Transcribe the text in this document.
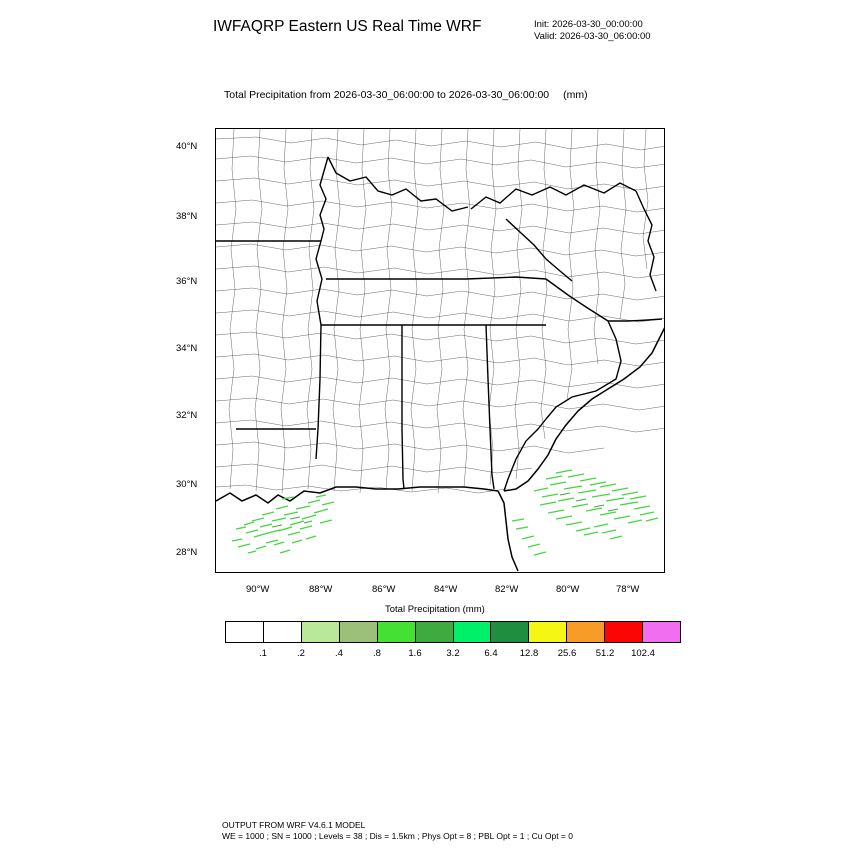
IWFAQRP Eastern US Real Time WRF	Init: 2026-03-30_00:00:00
Valid: 2026-03-30_06:00:00
Total Precipitation from 2026-03-30_06:00:00 to 2026-03-30_06:00:00 (mm)
40°N
38°N
36°N
34°N
32°N
30°N
28°N
90°W	88°W	86°W	84°W	82°W	80°W	78°W
Total Precipitation (mm)
.1	.2	.4	.8	1.6	3.2	6.4 12.8 25.6 51.2 102.4
OUTPUT FROM WRF V4.6.1 MODEL
WE = 1000 ; SN = 1000 ; Levels = 38 ; Dis = 1.5km ; Phys Opt = 8 ; PBL Opt = 1 ; Cu Opt = 0
